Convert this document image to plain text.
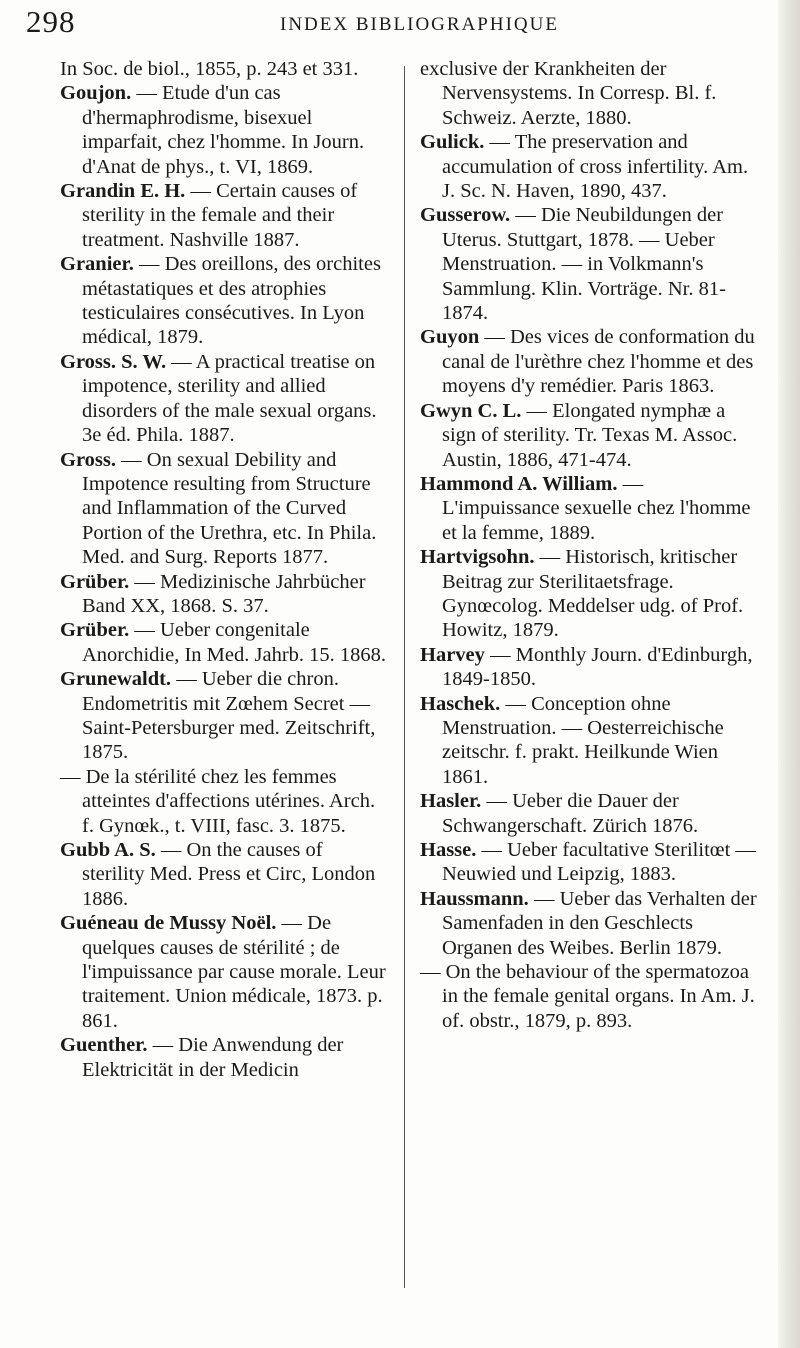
298	INDEX BIBLIOGRAPHIQUE

In Soc. de biol., 1855, p. 243 et 331.

Goujon. — Etude d'un cas d'hermaphrodisme, bisexuel imparfait, chez l'homme. In Journ. d'Anat de phys., t. VI, 1869.

Grandin E. H. — Certain causes of sterility in the female and their treatment. Nashville 1887.

Granier. — Des oreillons, des orchites métastatiques et des atrophies testiculaires consécutives. In Lyon médical, 1879.

Gross. S. W. — A practical treatise on impotence, sterility and allied disorders of the male sexual organs. 3e éd. Phila. 1887.

Gross. — On sexual Debility and Impotence resulting from Structure and Inflammation of the Curved Portion of the Urethra, etc. In Phila. Med. and Surg. Reports 1877.

Grüber. — Medizinische Jahrbücher Band XX, 1868. S. 37.

Grüber. — Ueber congenitale Anorchidie, In Med. Jahrb. 15. 1868.

Grunewaldt. — Ueber die chron. Endometritis mit Zœhem Secret — Saint-Petersburger med. Zeitschrift, 1875.

— De la stérilité chez les femmes atteintes d'affections utérines. Arch. f. Gynœk., t. VIII, fasc. 3. 1875.

Gubb A. S. — On the causes of sterility Med. Press et Circ, London 1886.

Guéneau de Mussy Noël. — De quelques causes de stérilité ; de l'impuissance par cause morale. Leur traitement. Union médicale, 1873. p. 861.

Guenther. — Die Anwendung der Elektricität in der Medicin

exclusive der Krankheiten der Nervensystems. In Corresp. Bl. f. Schweiz. Aerzte, 1880.

Gulick. — The preservation and accumulation of cross infertility. Am. J. Sc. N. Haven, 1890, 437.

Gusserow. — Die Neubildungen der Uterus. Stuttgart, 1878. — Ueber Menstruation. — in Volkmann's Sammlung. Klin. Vorträge. Nr. 81-1874.

Guyon — Des vices de conformation du canal de l'urèthre chez l'homme et des moyens d'y remédier. Paris 1863.

Gwyn C. L. — Elongated nymphæ a sign of sterility. Tr. Texas M. Assoc. Austin, 1886, 471-474.

Hammond A. William. — L'impuissance sexuelle chez l'homme et la femme, 1889.

Hartvigsohn. — Historisch, kritischer Beitrag zur Sterilitaetsfrage. Gynœcolog. Meddelser udg. of Prof. Howitz, 1879.

Harvey — Monthly Journ. d'Edinburgh, 1849-1850.

Haschek. — Conception ohne Menstruation. — Oesterreichische zeitschr. f. prakt. Heilkunde Wien 1861.

Hasler. — Ueber die Dauer der Schwangerschaft. Zürich 1876.

Hasse. — Ueber facultative Sterilitœt — Neuwied und Leipzig, 1883.

Haussmann. — Ueber das Verhalten der Samenfaden in den Geschlects Organen des Weibes. Berlin 1879.

— On the behaviour of the spermatozoa in the female genital organs. In Am. J. of. obstr., 1879, p. 893.
